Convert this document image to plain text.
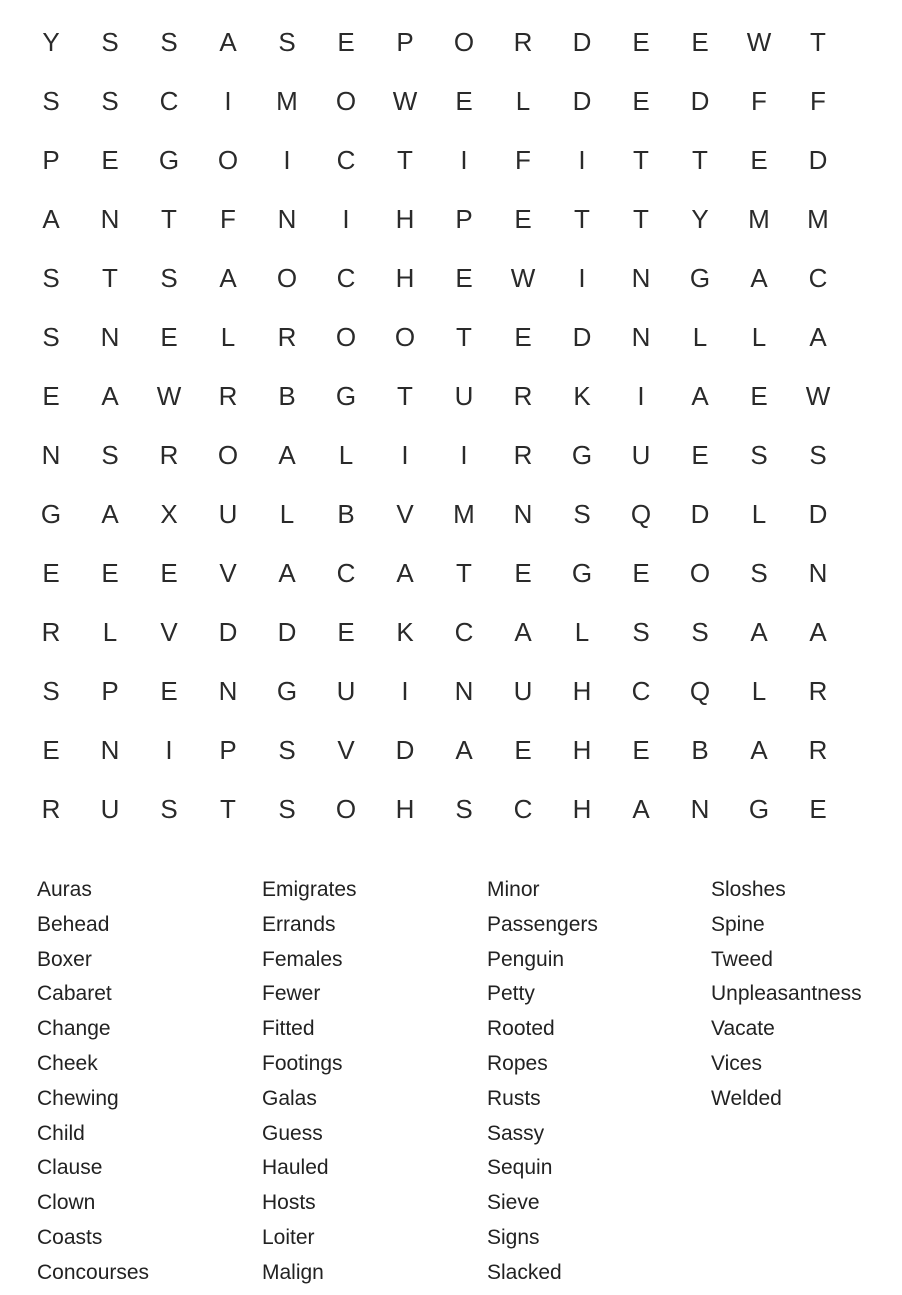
Y	S	S	A	S	E	P	O	R	D	E	E	W	T
S	S	C	I	M	O	W	E	L	D	E	D	F	F
P	E	G	O	I	C	T	I	F	I	T	T	E	D
A	N	T	F	N	I	H	P	E	T	T	Y	M	M
S	T	S	A	O	C	H	E	W	I	N	G	A	C
S	N	E	L	R	O	O	T	E	D	N	L	L	A
E	A	W	R	B	G	T	U	R	K	I	A	E	W
N	S	R	O	A	L	I	I	R	G	U	E	S	S
G	A	X	U	L	B	V	M	N	S	Q	D	L	D
E	E	E	V	A	C	A	T	E	G	E	O	S	N
R	L	V	D	D	E	K	C	A	L	S	S	A	A
S	P	E	N	G	U	I	N	U	H	C	Q	L	R
E	N	I	P	S	V	D	A	E	H	E	B	A	R
R	U	S	T	S	O	H	S	C	H	A	N	G	E
Auras
Behead
Boxer
Cabaret
Change
Cheek
Chewing
Child
Clause
Clown
Coasts
Concourses
Emigrates
Errands
Females
Fewer
Fitted
Footings
Galas
Guess
Hauled
Hosts
Loiter
Malign
Minor
Passengers
Penguin
Petty
Rooted
Ropes
Rusts
Sassy
Sequin
Sieve
Signs
Slacked
Sloshes
Spine
Tweed
Unpleasantness
Vacate
Vices
Welded
